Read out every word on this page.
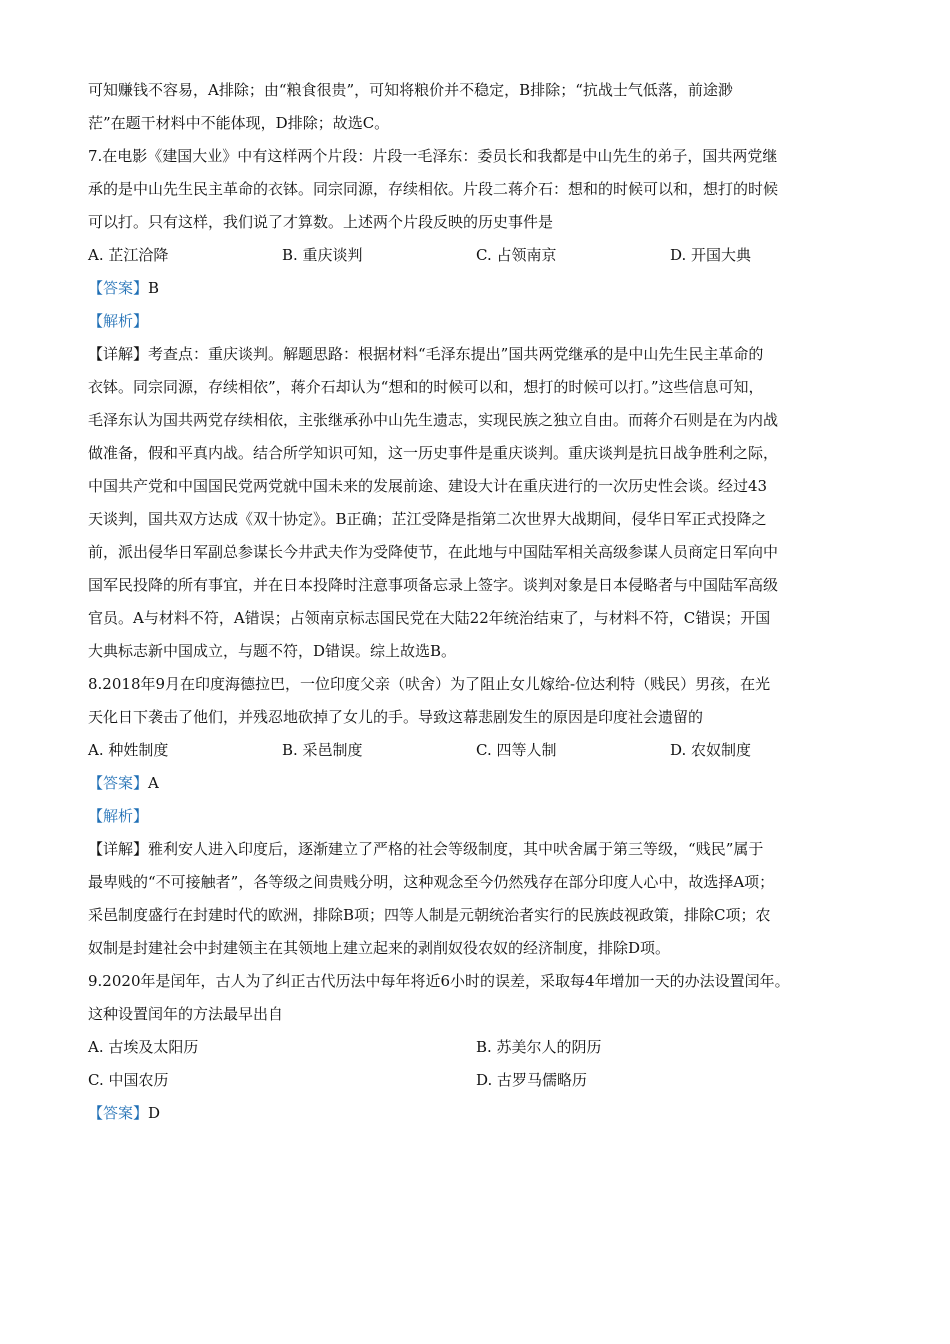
可知赚钱不容易，A排除；由“粮食很贵”，可知将粮价并不稳定，B排除；“抗战士气低落，前途渺
茫”在题干材料中不能体现，D排除；故选C。
7.在电影《建国大业》中有这样两个片段：片段一毛泽东：委员长和我都是中山先生的弟子，国共两党继
承的是中山先生民主革命的衣钵。同宗同源，存续相依。片段二蒋介石：想和的时候可以和，想打的时候
可以打。只有这样，我们说了才算数。上述两个片段反映的历史事件是
A. 芷江洽降	B. 重庆谈判	C. 占领南京	D. 开国大典
【答案】B
【解析】
【详解】考查点：重庆谈判。解题思路：根据材料“毛泽东提出”国共两党继承的是中山先生民主革命的
衣钵。同宗同源，存续相依”，蒋介石却认为“想和的时候可以和，想打的时候可以打。”这些信息可知，
毛泽东认为国共两党存续相依，主张继承孙中山先生遗志，实现民族之独立自由。而蒋介石则是在为内战
做准备，假和平真内战。结合所学知识可知，这一历史事件是重庆谈判。重庆谈判是抗日战争胜利之际，
中国共产党和中国国民党两党就中国未来的发展前途、建设大计在重庆进行的一次历史性会谈。经过43
天谈判，国共双方达成《双十协定》。B正确；芷江受降是指第二次世界大战期间，侵华日军正式投降之
前，派出侵华日军副总参谋长今井武夫作为受降使节，在此地与中国陆军相关高级参谋人员商定日军向中
国军民投降的所有事宜，并在日本投降时注意事项备忘录上签字。谈判对象是日本侵略者与中国陆军高级
官员。A与材料不符，A错误；占领南京标志国民党在大陆22年统治结束了，与材料不符，C错误；开国
大典标志新中国成立，与题不符，D错误。综上故选B。
8.2018年9月在印度海德拉巴，一位印度父亲（吠舍）为了阻止女儿嫁给-位达利特（贱民）男孩，在光
天化日下袭击了他们，并残忍地砍掉了女儿的手。导致这幕悲剧发生的原因是印度社会遗留的
A. 种姓制度	B. 采邑制度	C. 四等人制	D. 农奴制度
【答案】A
【解析】
【详解】雅利安人进入印度后，逐渐建立了严格的社会等级制度，其中吠舍属于第三等级，“贱民”属于
最卑贱的“不可接触者”，各等级之间贵贱分明，这种观念至今仍然残存在部分印度人心中，故选择A项；
采邑制度盛行在封建时代的欧洲，排除B项；四等人制是元朝统治者实行的民族歧视政策，排除C项；农
奴制是封建社会中封建领主在其领地上建立起来的剥削奴役农奴的经济制度，排除D项。
9.2020年是闰年，古人为了纠正古代历法中每年将近6小时的误差，采取每4年增加一天的办法设置闰年。
这种设置闰年的方法最早出自
A. 古埃及太阳历	B. 苏美尔人的阴历
C. 中国农历	D. 古罗马儒略历
【答案】D
